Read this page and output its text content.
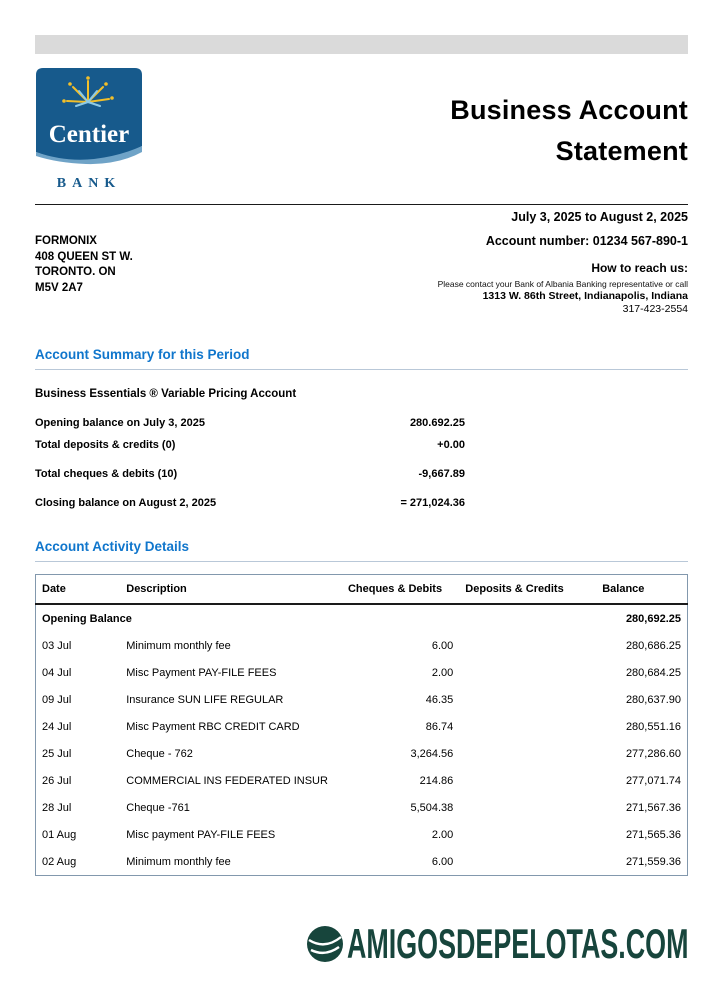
Centier
BANK
Business Account
Statement
July 3, 2025 to August 2, 2025
FORMONIX
408 QUEEN ST W.
TORONTO. ON
M5V 2A7
Account number: 01234 567-890-1
How to reach us:
Please contact your Bank of Albania Banking representative or call
1313 W. 86th Street, Indianapolis, Indiana
317-423-2554
Account Summary for this Period
Business Essentials ® Variable Pricing Account
Opening balance on July 3, 2025	280.692.25
Total deposits & credits (0)	+0.00
Total cheques & debits (10)	-9,667.89
Closing balance on August 2, 2025	= 271,024.36
Account Activity Details
Date	Description	Cheques & Debits	Deposits & Credits	Balance
Opening Balance				280,692.25
03 Jul	Minimum monthly fee	6.00		280,686.25
04 Jul	Misc Payment PAY-FILE FEES	2.00		280,684.25
09 Jul	Insurance SUN LIFE REGULAR	46.35		280,637.90
24 Jul	Misc Payment RBC CREDIT CARD	86.74		280,551.16
25 Jul	Cheque - 762	3,264.56		277,286.60
26 Jul	COMMERCIAL INS FEDERATED INSUR	214.86		277,071.74
28 Jul	Cheque -761	5,504.38		271,567.36
01 Aug	Misc payment PAY-FILE FEES	2.00		271,565.36
02 Aug	Minimum monthly fee	6.00		271,559.36
AMIGOSDEPELOTAS.COM
